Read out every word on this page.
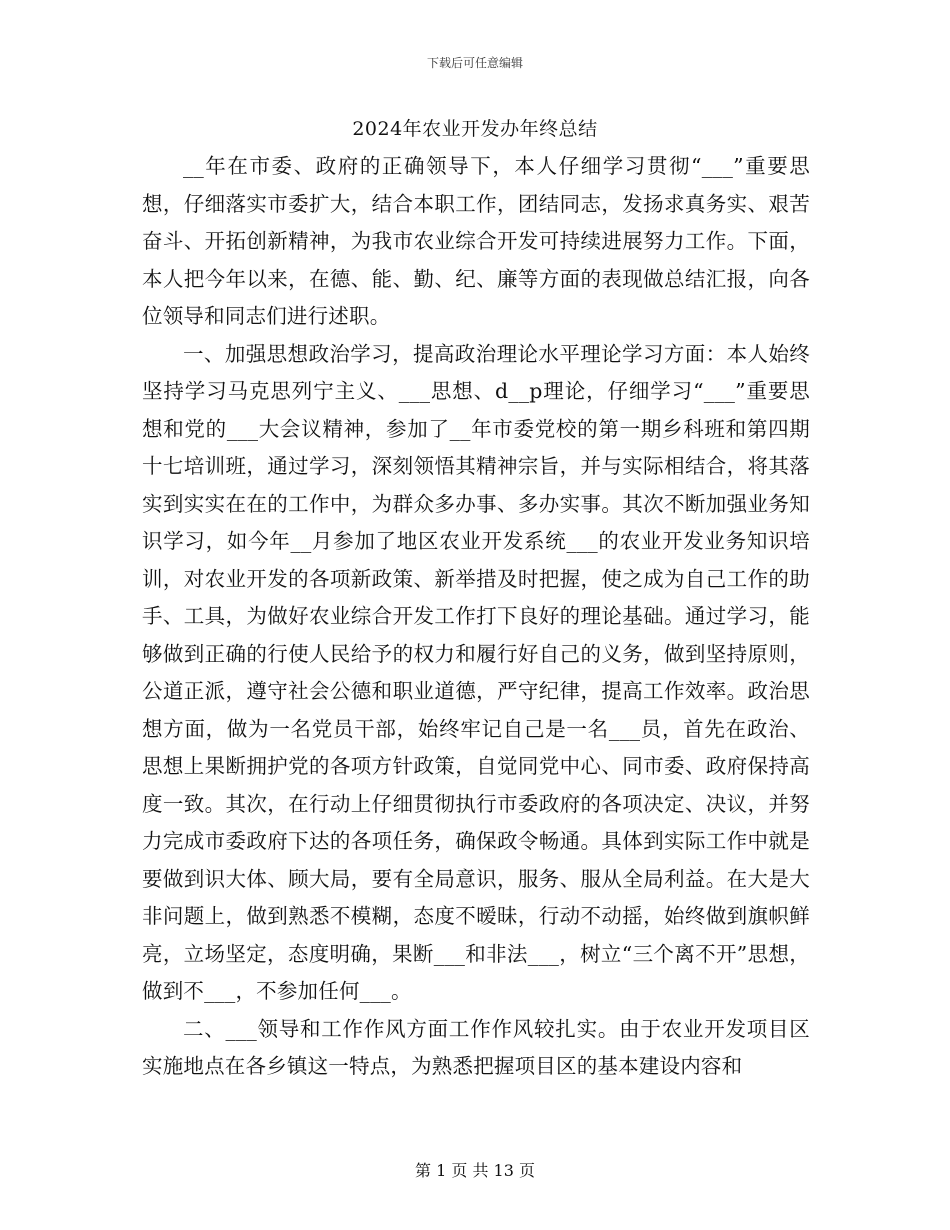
下载后可任意编辑
2024年农业开发办年终总结

__年在市委、政府的正确领导下，本人仔细学习贯彻“___”重要思想，仔细落实市委扩大，结合本职工作，团结同志，发扬求真务实、艰苦奋斗、开拓创新精神，为我市农业综合开发可持续进展努力工作。下面，本人把今年以来，在德、能、勤、纪、廉等方面的表现做总结汇报，向各位领导和同志们进行述职。

一、加强思想政治学习，提高政治理论水平理论学习方面：本人始终坚持学习马克思列宁主义、___思想、d__p理论，仔细学习“___”重要思想和党的___大会议精神，参加了__年市委党校的第一期乡科班和第四期十七培训班，通过学习，深刻领悟其精神宗旨，并与实际相结合，将其落实到实实在在的工作中，为群众多办事、多办实事。其次不断加强业务知识学习，如今年__月参加了地区农业开发系统___的农业开发业务知识培训，对农业开发的各项新政策、新举措及时把握，使之成为自己工作的助手、工具，为做好农业综合开发工作打下良好的理论基础。通过学习，能够做到正确的行使人民给予的权力和履行好自己的义务，做到坚持原则，公道正派，遵守社会公德和职业道德，严守纪律，提高工作效率。政治思想方面，做为一名党员干部，始终牢记自己是一名___员，首先在政治、思想上果断拥护党的各项方针政策，自觉同党中心、同市委、政府保持高度一致。其次，在行动上仔细贯彻执行市委政府的各项决定、决议，并努力完成市委政府下达的各项任务，确保政令畅通。具体到实际工作中就是要做到识大体、顾大局，要有全局意识，服务、服从全局利益。在大是大非问题上，做到熟悉不模糊，态度不暧昧，行动不动摇，始终做到旗帜鲜亮，立场坚定，态度明确，果断___和非法___，树立“三个离不开”思想，做到不___，不参加任何___。

二、___领导和工作作风方面工作作风较扎实。由于农业开发项目区实施地点在各乡镇这一特点，为熟悉把握项目区的基本建设内容和

第 1 页 共 13 页
